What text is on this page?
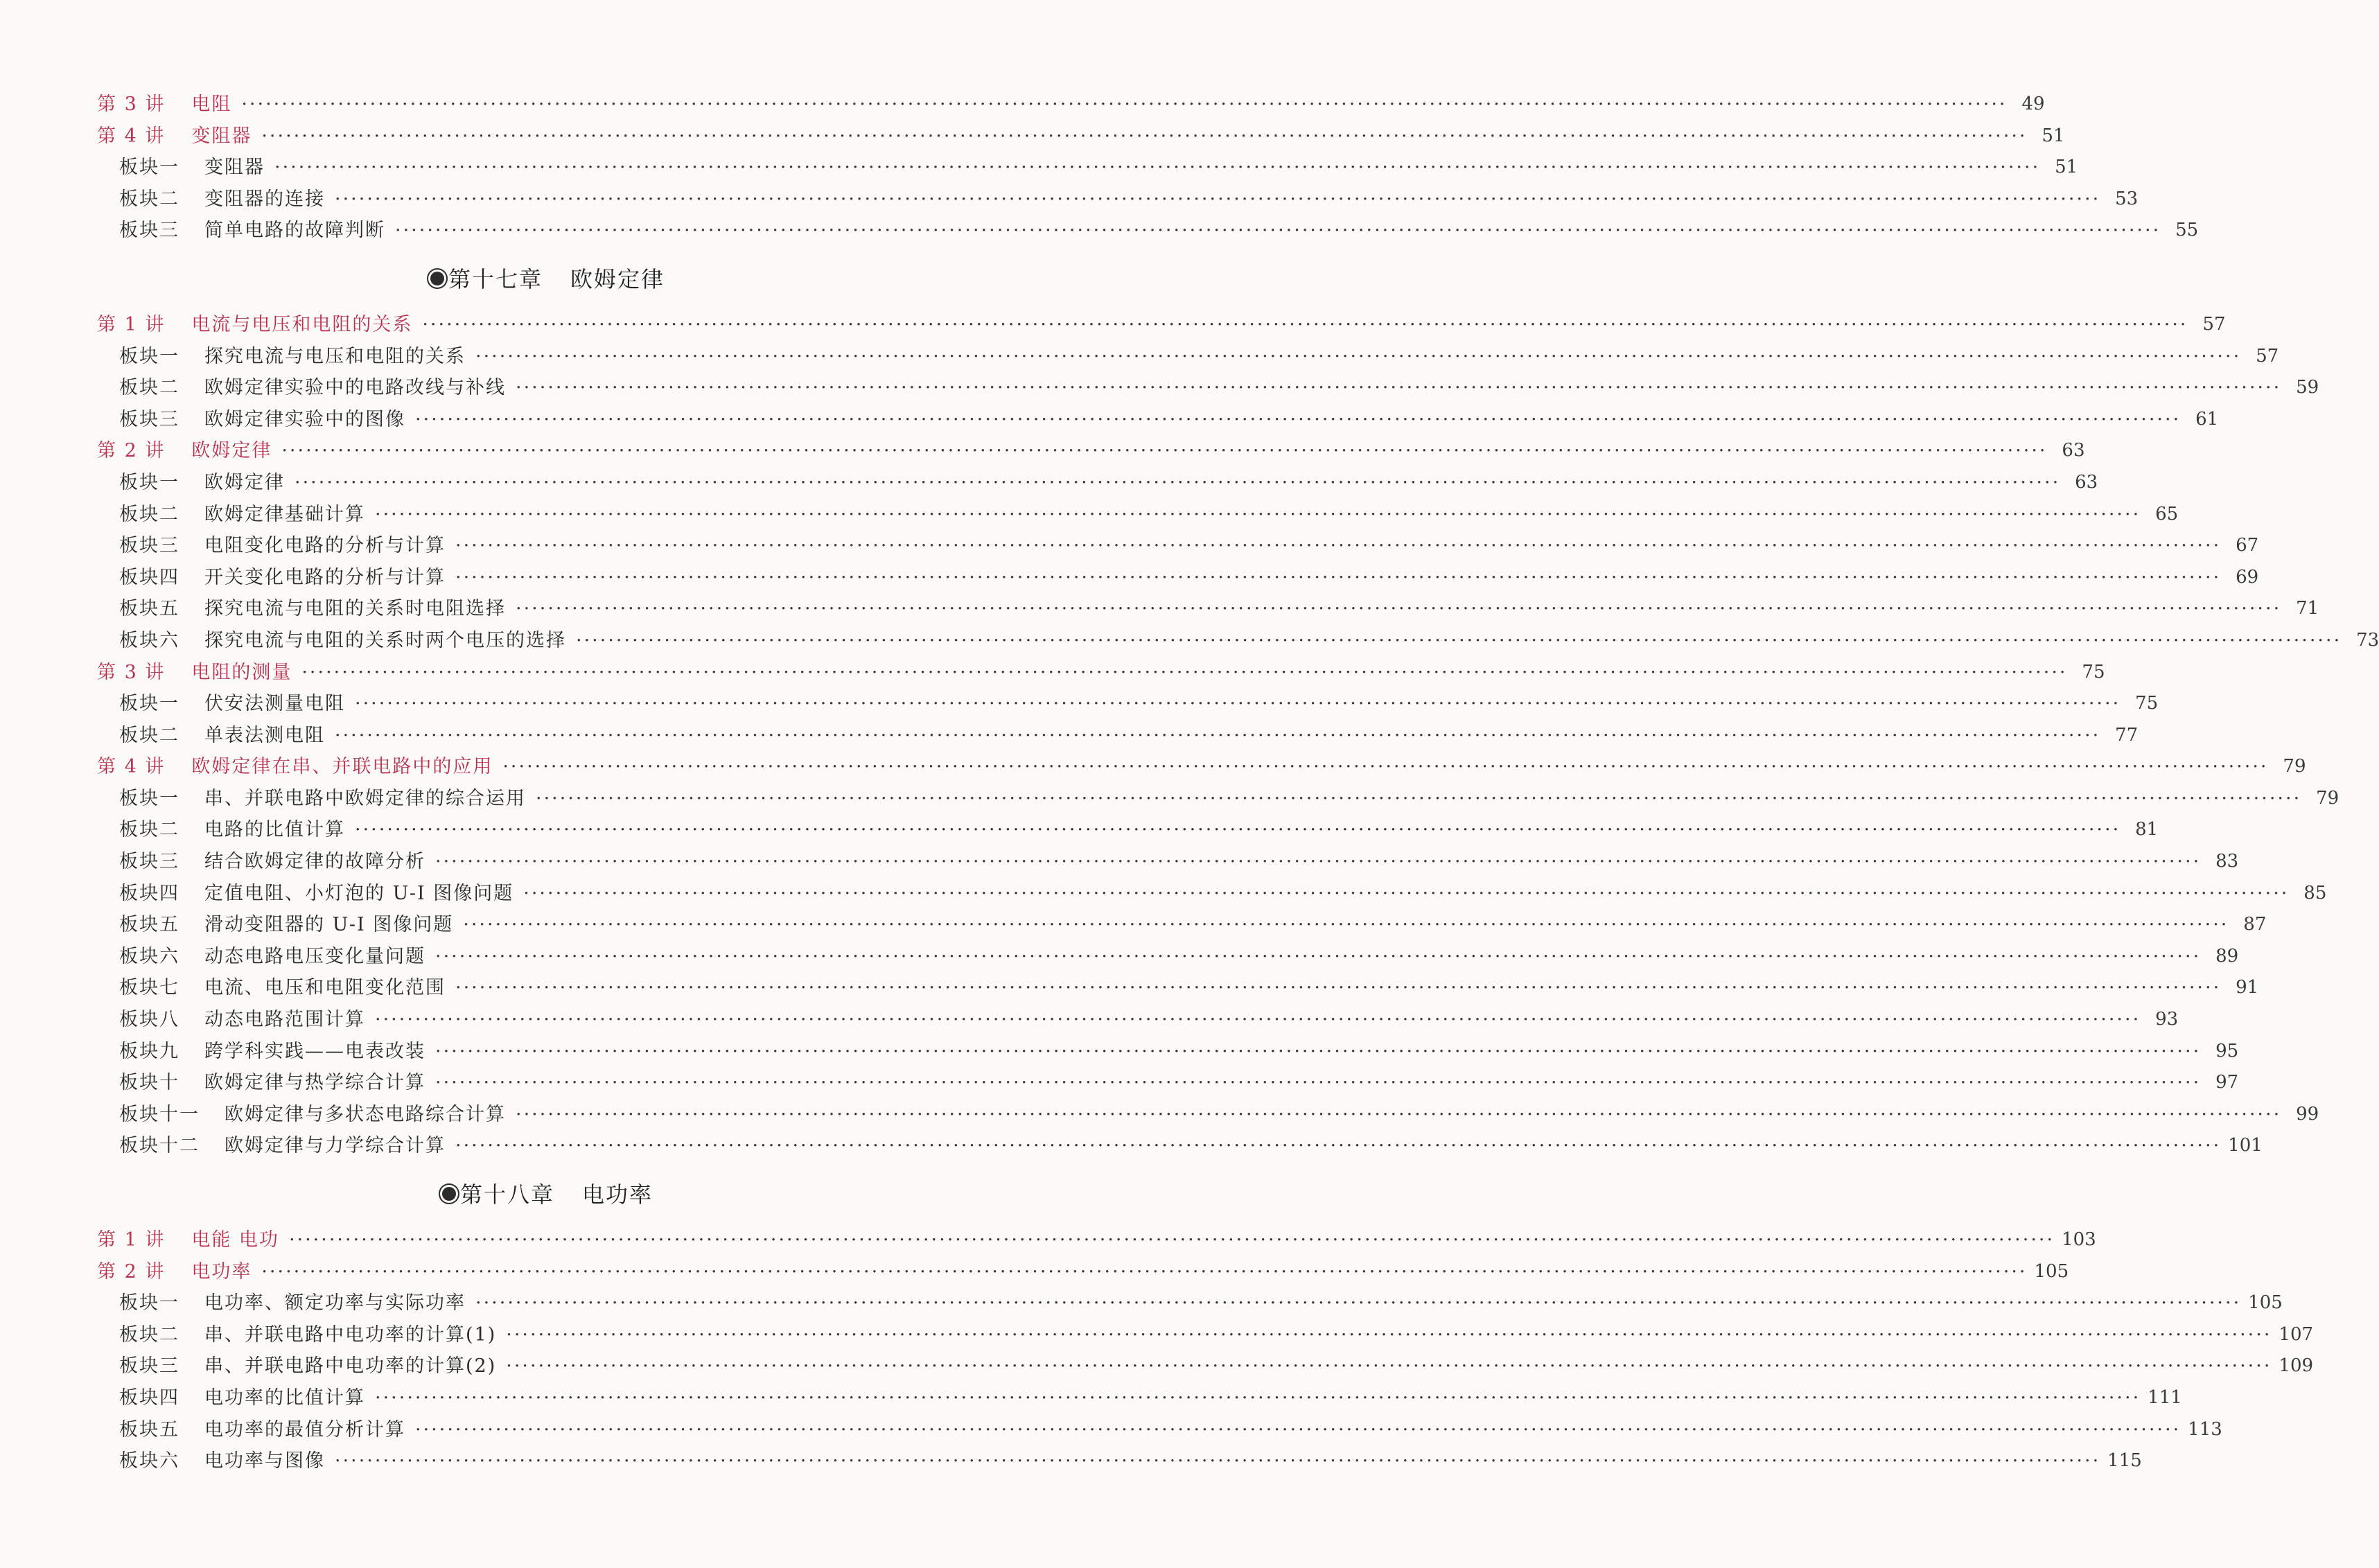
第 3 讲 电阻 ···························································································································································································································· 49
第 4 讲 变阻器 ···························································································································································································································· 51
板块一 变阻器 ···························································································································································································································· 51
板块二 变阻器的连接 ···························································································································································································································· 53
板块三 简单电路的故障判断 ···························································································································································································································· 55
第十七章 欧姆定律
第 1 讲 电流与电压和电阻的关系 ···························································································································································································································· 57
板块一 探究电流与电压和电阻的关系 ···························································································································································································································· 57
板块二 欧姆定律实验中的电路改线与补线 ···························································································································································································································· 59
板块三 欧姆定律实验中的图像 ···························································································································································································································· 61
第 2 讲 欧姆定律 ···························································································································································································································· 63
板块一 欧姆定律 ···························································································································································································································· 63
板块二 欧姆定律基础计算 ···························································································································································································································· 65
板块三 电阻变化电路的分析与计算 ···························································································································································································································· 67
板块四 开关变化电路的分析与计算 ···························································································································································································································· 69
板块五 探究电流与电阻的关系时电阻选择 ···························································································································································································································· 71
板块六 探究电流与电阻的关系时两个电压的选择 ···························································································································································································································· 73
第 3 讲 电阻的测量 ···························································································································································································································· 75
板块一 伏安法测量电阻 ···························································································································································································································· 75
板块二 单表法测电阻 ···························································································································································································································· 77
第 4 讲 欧姆定律在串、并联电路中的应用 ···························································································································································································································· 79
板块一 串、并联电路中欧姆定律的综合运用 ···························································································································································································································· 79
板块二 电路的比值计算 ···························································································································································································································· 81
板块三 结合欧姆定律的故障分析 ···························································································································································································································· 83
板块四 定值电阻、小灯泡的 U-I 图像问题 ···························································································································································································································· 85
板块五 滑动变阻器的 U-I 图像问题 ···························································································································································································································· 87
板块六 动态电路电压变化量问题 ···························································································································································································································· 89
板块七 电流、电压和电阻变化范围 ···························································································································································································································· 91
板块八 动态电路范围计算 ···························································································································································································································· 93
板块九 跨学科实践——电表改装 ···························································································································································································································· 95
板块十 欧姆定律与热学综合计算 ···························································································································································································································· 97
板块十一 欧姆定律与多状态电路综合计算 ···························································································································································································································· 99
板块十二 欧姆定律与力学综合计算 ···························································································································································································································· 101
第十八章 电功率
第 1 讲 电能 电功 ···························································································································································································································· 103
第 2 讲 电功率 ···························································································································································································································· 105
板块一 电功率、额定功率与实际功率 ···························································································································································································································· 105
板块二 串、并联电路中电功率的计算(1) ···························································································································································································································· 107
板块三 串、并联电路中电功率的计算(2) ···························································································································································································································· 109
板块四 电功率的比值计算 ···························································································································································································································· 111
板块五 电功率的最值分析计算 ···························································································································································································································· 113
板块六 电功率与图像 ···························································································································································································································· 115
